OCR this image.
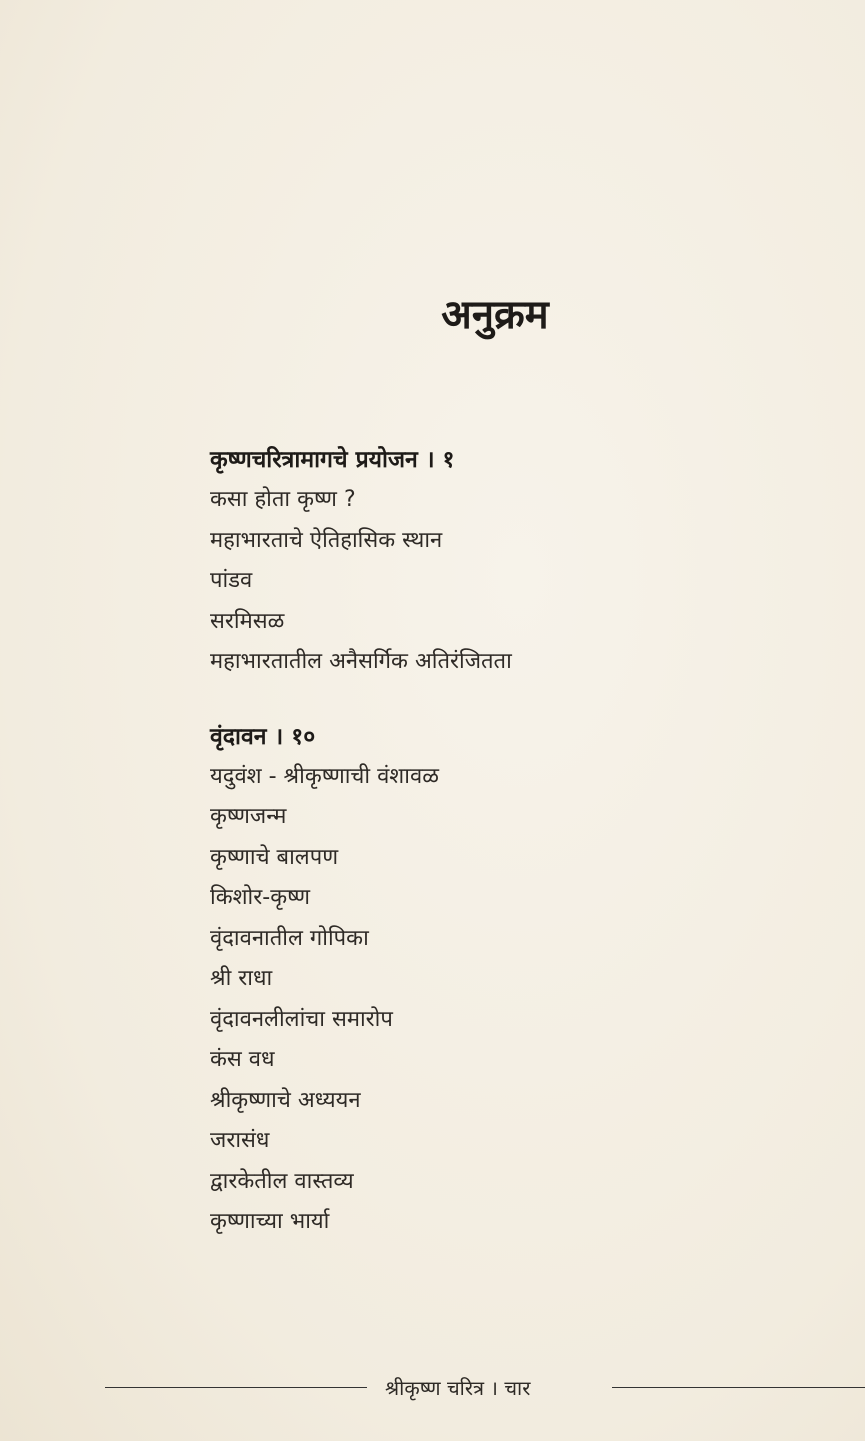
अनुक्रम
कृष्णचरित्रामागचे प्रयोजन । १
कसा होता कृष्ण ?
महाभारताचे ऐतिहासिक स्थान
पांडव
सरमिसळ
महाभारतातील अनैसर्गिक अतिरंजितता
वृंदावन । १०
यदुवंश - श्रीकृष्णाची वंशावळ
कृष्णजन्म
कृष्णाचे बालपण
किशोर-कृष्ण
वृंदावनातील गोपिका
श्री राधा
वृंदावनलीलांचा समारोप
कंस वध
श्रीकृष्णाचे अध्ययन
जरासंध
द्वारकेतील वास्तव्य
कृष्णाच्या भार्या
श्रीकृष्ण चरित्र । चार
